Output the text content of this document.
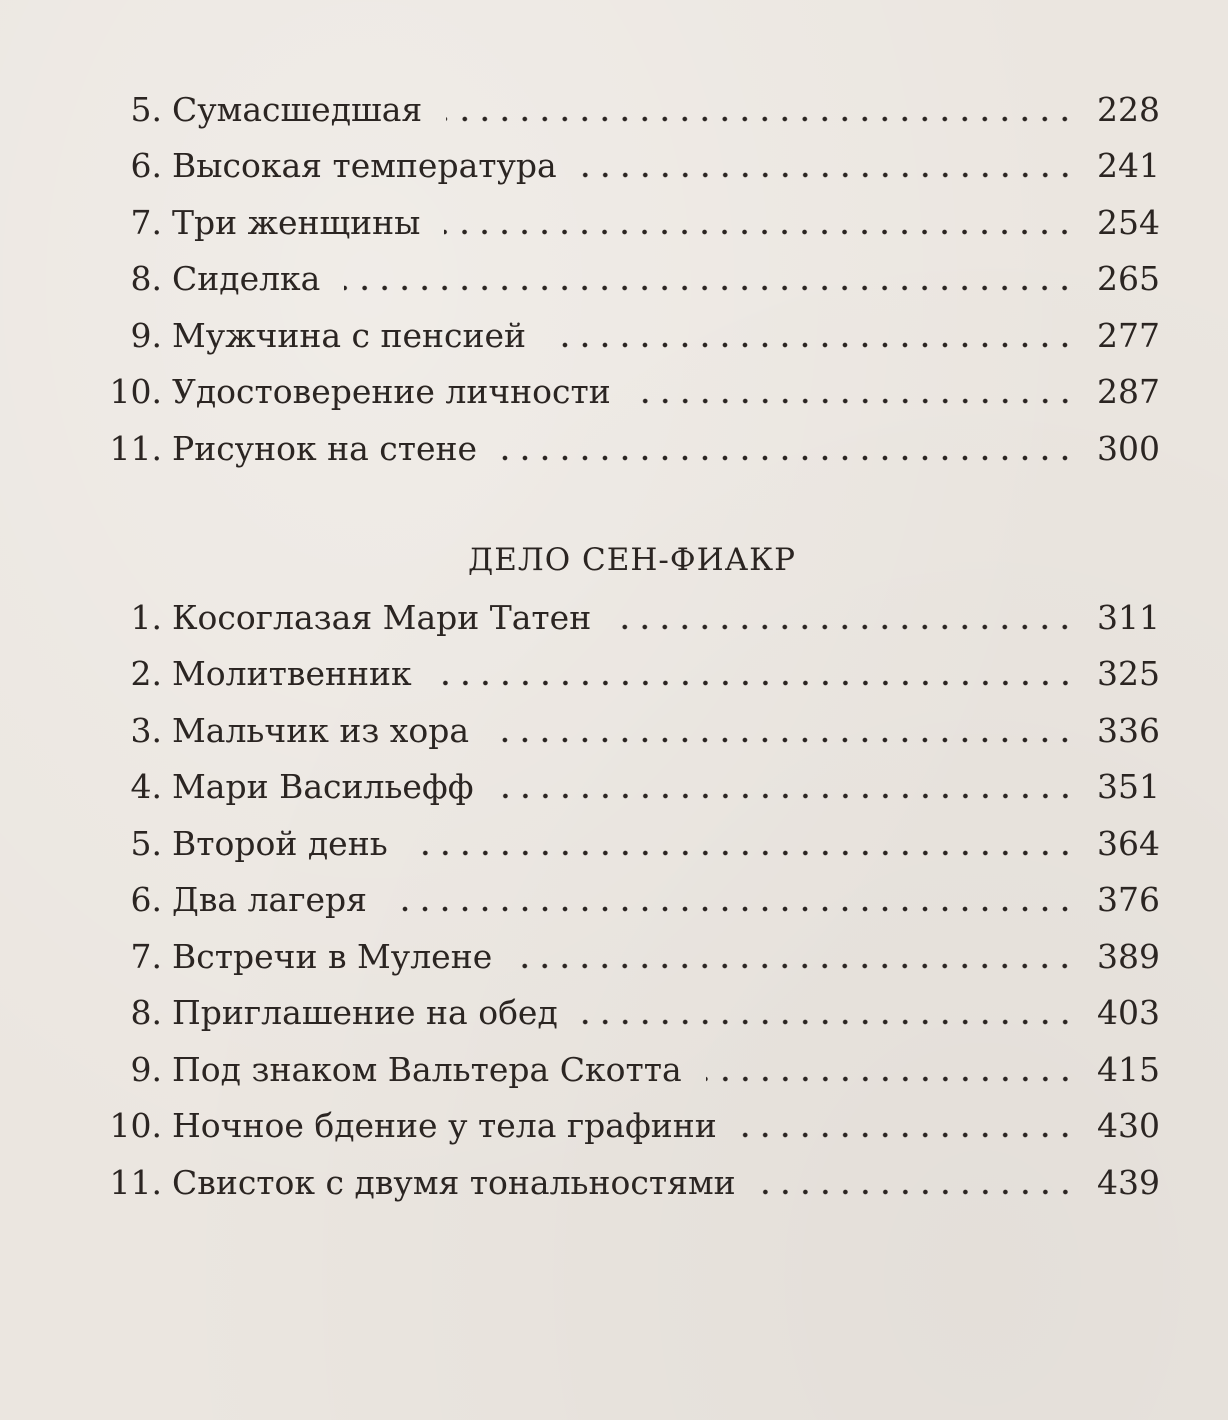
5. Сумасшедшая	228
6. Высокая температура	241
7. Три женщины	254
8. Сиделка	265
9. Мужчина с пенсией	277
10. Удостоверение личности	287
11. Рисунок на стене	300
ДЕЛО СЕН-ФИАКР
1. Косоглазая Мари Татен	311
2. Молитвенник	325
3. Мальчик из хора	336
4. Мари Васильефф	351
5. Второй день	364
6. Два лагеря	376
7. Встречи в Мулене	389
8. Приглашение на обед	403
9. Под знаком Вальтера Скотта	415
10. Ночное бдение у тела графини	430
11. Свисток с двумя тональностями	439
